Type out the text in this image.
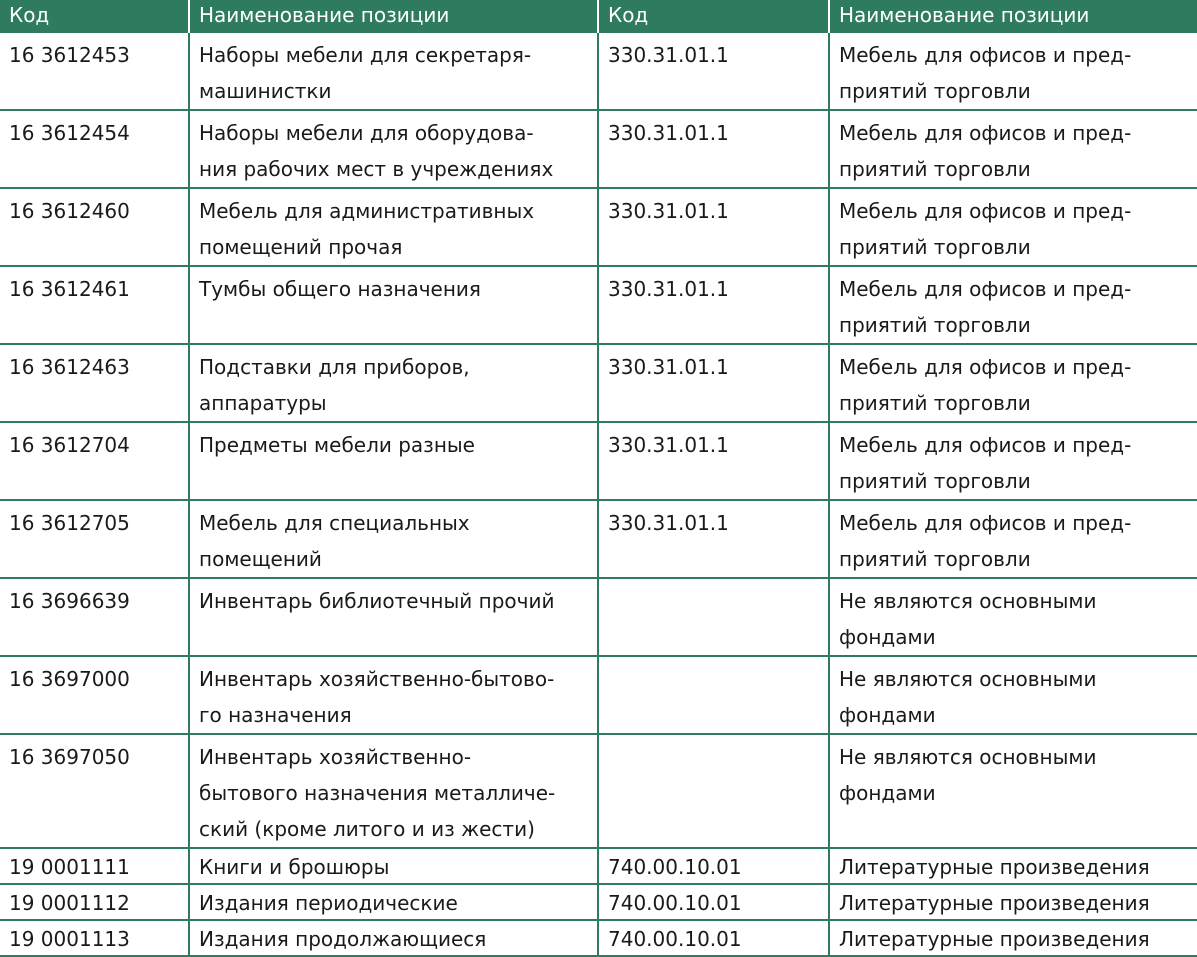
Код	Наименование позиции	Код	Наименование позиции
16 3612453	Наборы мебели для секретаря-
машинистки	330.31.01.1	Мебель для офисов и пред-
приятий торговли

16 3612454	Наборы мебели для оборудова-
ния рабочих мест в учреждениях	330.31.01.1	Мебель для офисов и пред-
приятий торговли

16 3612460	Мебель для административных
помещений прочая	330.31.01.1	Мебель для офисов и пред-
приятий торговли

16 3612461	Тумбы общего назначения	330.31.01.1	Мебель для офисов и пред-
приятий торговли

16 3612463	Подставки для приборов,
аппаратуры	330.31.01.1	Мебель для офисов и пред-
приятий торговли

16 3612704	Предметы мебели разные	330.31.01.1	Мебель для офисов и пред-
приятий торговли

16 3612705	Мебель для специальных
помещений	330.31.01.1	Мебель для офисов и пред-
приятий торговли

16 3696639	Инвентарь библиотечный прочий		Не являются основными
фондами

16 3697000	Инвентарь хозяйственно-бытово-
го назначения		Не являются основными
фондами

16 3697050	Инвентарь хозяйственно-
бытового назначения металличе-
ский (кроме литого и из жести)		Не являются основными
фондами

19 0001111	Книги и брошюры	740.00.10.01	Литературные произведения

19 0001112	Издания периодические	740.00.10.01	Литературные произведения

19 0001113	Издания продолжающиеся	740.00.10.01	Литературные произведения
